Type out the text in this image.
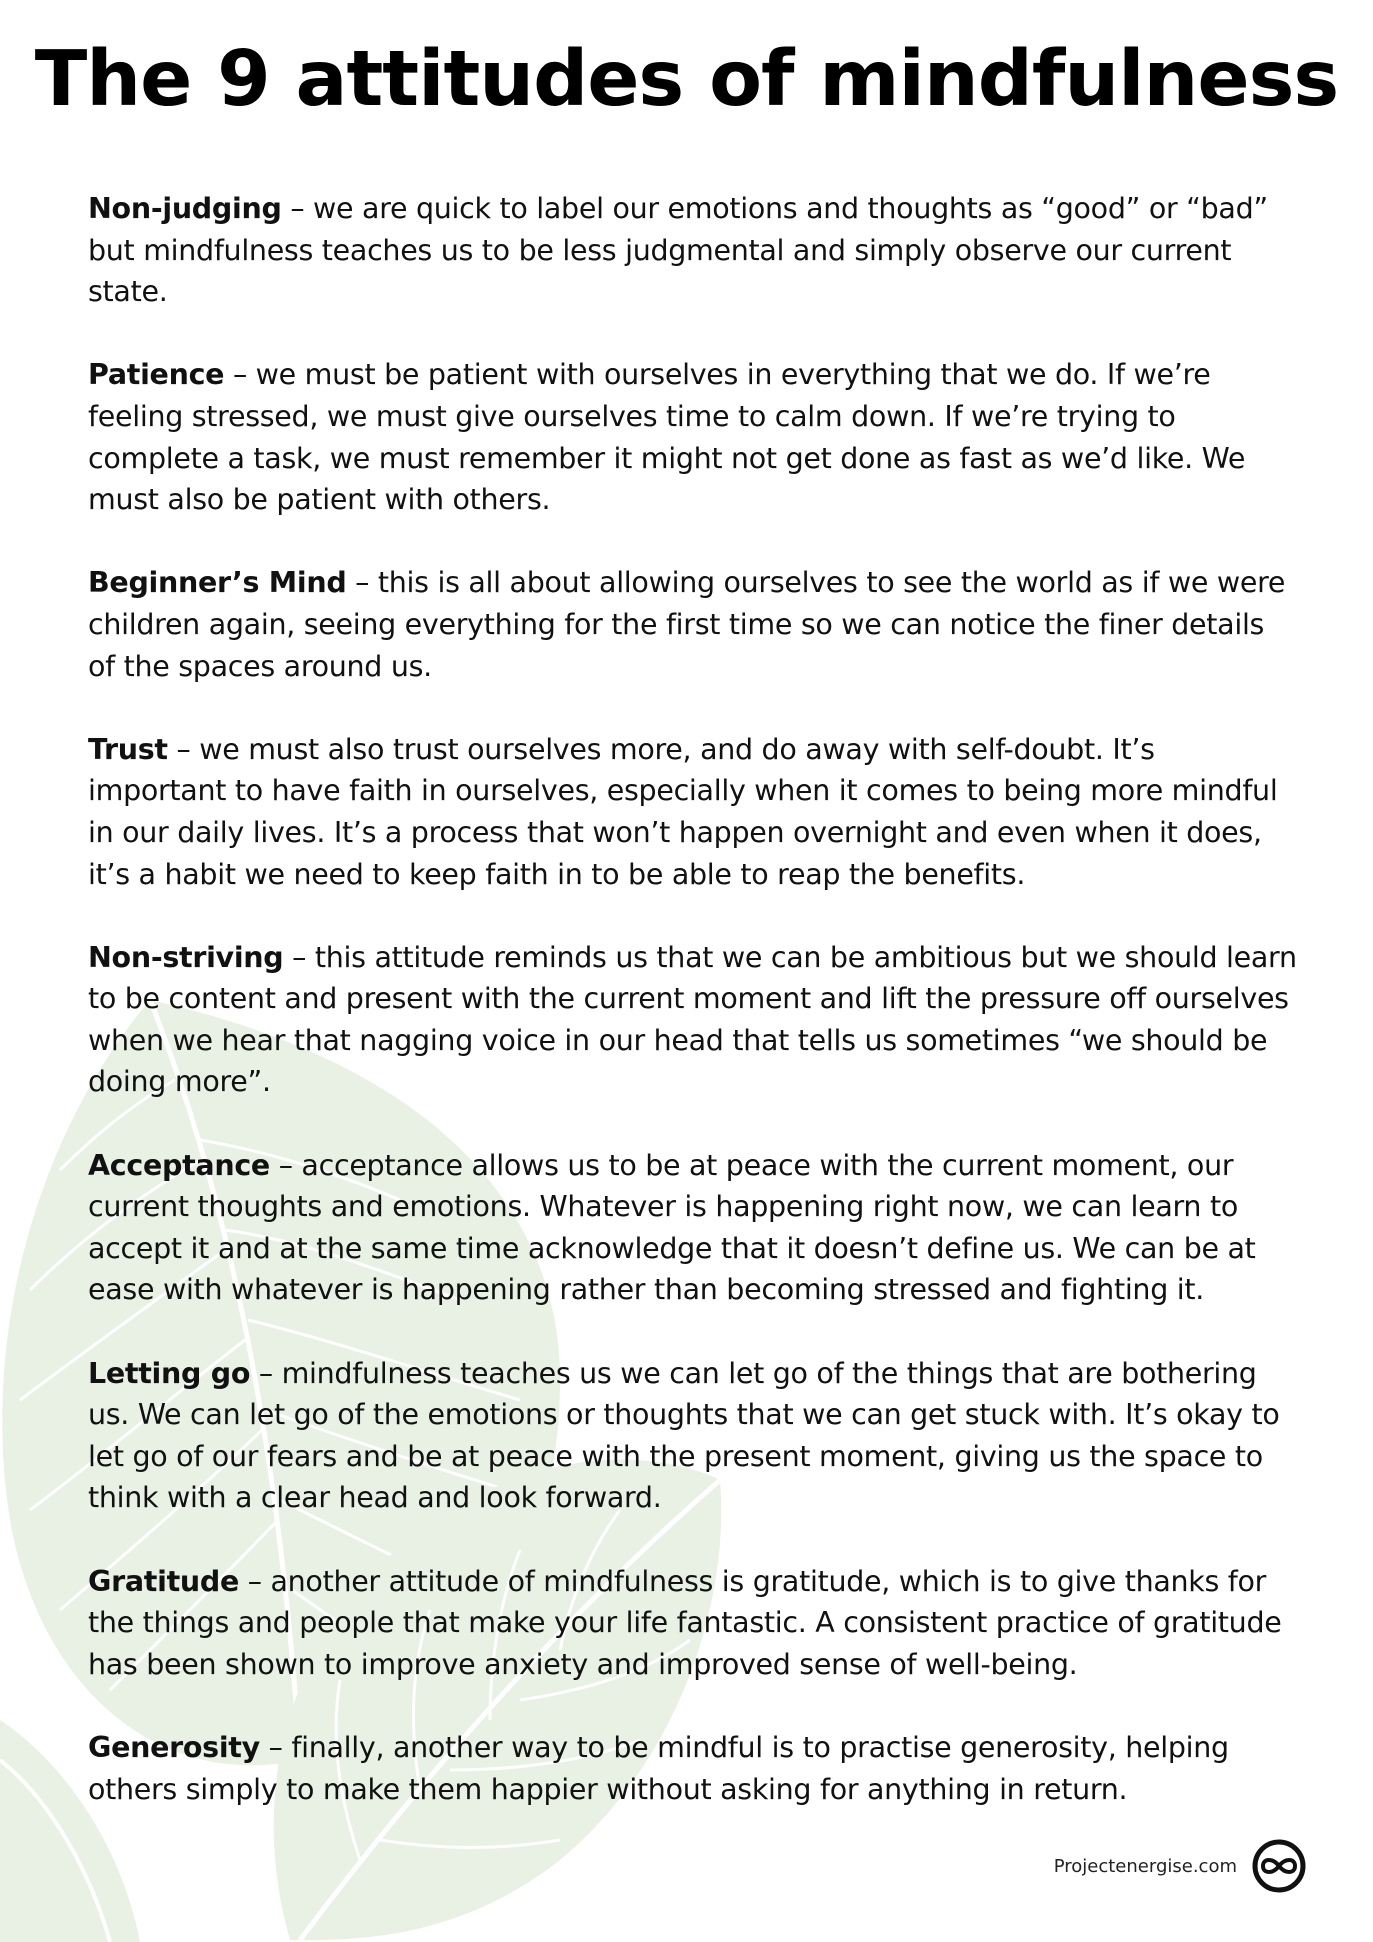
The 9 attitudes of mindfulness

Non-judging – we are quick to label our emotions and thoughts as “good” or “bad” but mindfulness teaches us to be less judgmental and simply observe our current state.

Patience – we must be patient with ourselves in everything that we do. If we’re feeling stressed, we must give ourselves time to calm down. If we’re trying to complete a task, we must remember it might not get done as fast as we’d like. We must also be patient with others.

Beginner’s Mind – this is all about allowing ourselves to see the world as if we were children again, seeing everything for the first time so we can notice the finer details of the spaces around us.

Trust – we must also trust ourselves more, and do away with self-doubt. It’s important to have faith in ourselves, especially when it comes to being more mindful in our daily lives. It’s a process that won’t happen overnight and even when it does, it’s a habit we need to keep faith in to be able to reap the benefits.

Non-striving – this attitude reminds us that we can be ambitious but we should learn to be content and present with the current moment and lift the pressure off ourselves when we hear that nagging voice in our head that tells us sometimes “we should be doing more”.

Acceptance – acceptance allows us to be at peace with the current moment, our current thoughts and emotions. Whatever is happening right now, we can learn to accept it and at the same time acknowledge that it doesn’t define us. We can be at ease with whatever is happening rather than becoming stressed and fighting it.

Letting go – mindfulness teaches us we can let go of the things that are bothering us. We can let go of the emotions or thoughts that we can get stuck with. It’s okay to let go of our fears and be at peace with the present moment, giving us the space to think with a clear head and look forward.

Gratitude – another attitude of mindfulness is gratitude, which is to give thanks for the things and people that make your life fantastic. A consistent practice of gratitude has been shown to improve anxiety and improved sense of well-being.

Generosity – finally, another way to be mindful is to practise generosity, helping others simply to make them happier without asking for anything in return.

Projectenergise.com
